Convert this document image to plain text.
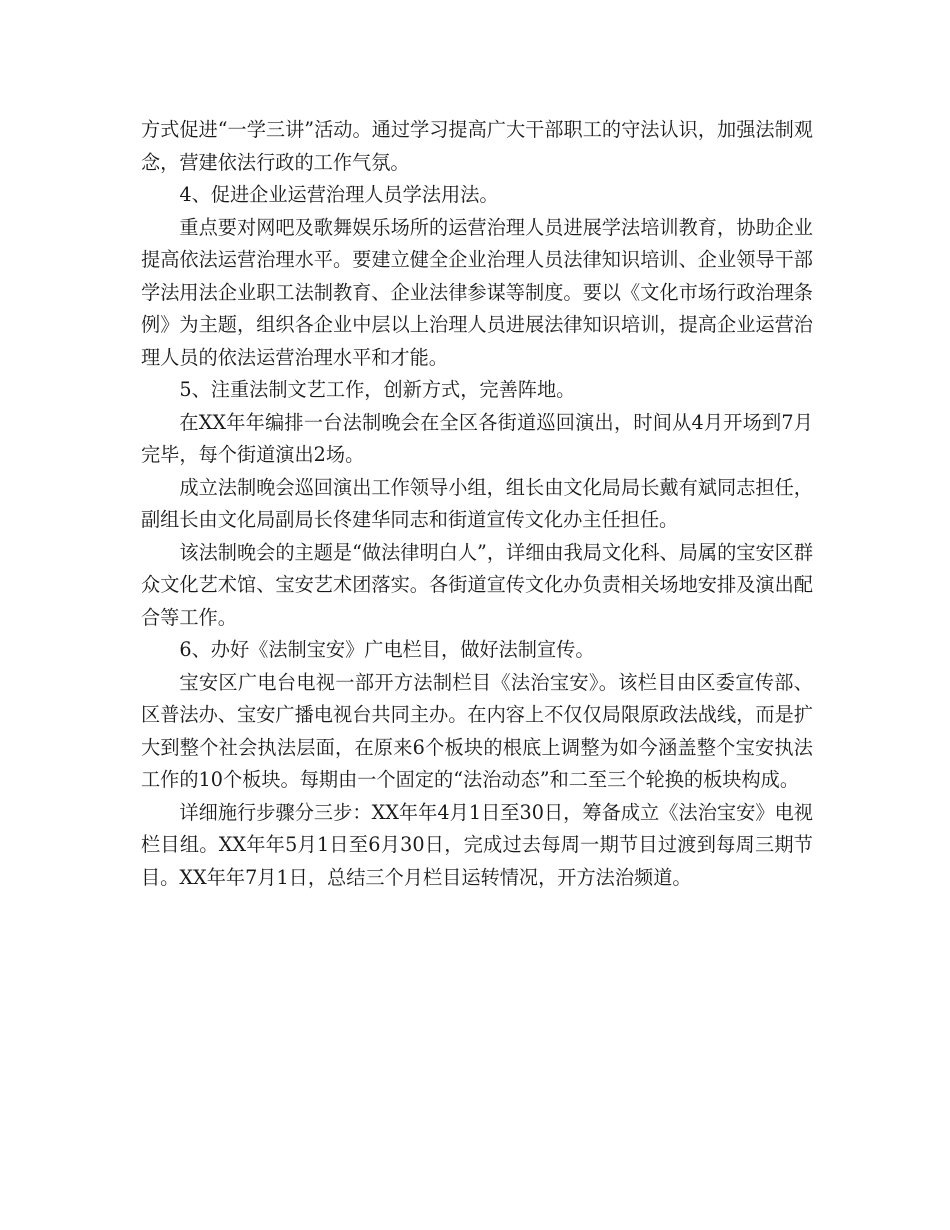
方式促进“一学三讲”活动。通过学习提高广大干部职工的守法认识，加强法制观念，营建依法行政的工作气氛。

4、促进企业运营治理人员学法用法。

重点要对网吧及歌舞娱乐场所的运营治理人员进展学法培训教育，协助企业提高依法运营治理水平。要建立健全企业治理人员法律知识培训、企业领导干部学法用法企业职工法制教育、企业法律参谋等制度。要以《文化市场行政治理条例》为主题，组织各企业中层以上治理人员进展法律知识培训，提高企业运营治理人员的依法运营治理水平和才能。

5、注重法制文艺工作，创新方式，完善阵地。

在XX年年编排一台法制晚会在全区各街道巡回演出，时间从4月开场到7月完毕，每个街道演出2场。

成立法制晚会巡回演出工作领导小组，组长由文化局局长戴有斌同志担任，副组长由文化局副局长佟建华同志和街道宣传文化办主任担任。

该法制晚会的主题是“做法律明白人”，详细由我局文化科、局属的宝安区群众文化艺术馆、宝安艺术团落实。各街道宣传文化办负责相关场地安排及演出配合等工作。

6、办好《法制宝安》广电栏目，做好法制宣传。

宝安区广电台电视一部开方法制栏目《法治宝安》。该栏目由区委宣传部、区普法办、宝安广播电视台共同主办。在内容上不仅仅局限原政法战线，而是扩大到整个社会执法层面，在原来6个板块的根底上调整为如今涵盖整个宝安执法工作的10个板块。每期由一个固定的“法治动态”和二至三个轮换的板块构成。

详细施行步骤分三步：XX年年4月1日至30日，筹备成立《法治宝安》电视栏目组。XX年年5月1日至6月30日，完成过去每周一期节目过渡到每周三期节目。XX年年7月1日，总结三个月栏目运转情况，开方法治频道。
